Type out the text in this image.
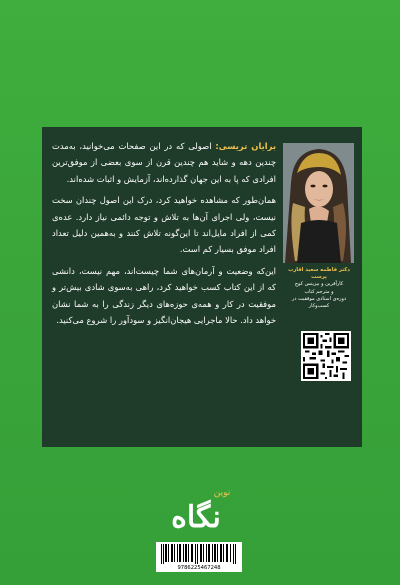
برایان تریسی: اصولی که در این صفحات می‌خوانید، به‌مدت چندین دهه و شاید هم چندین قرن از سوی بعضی از موفق‌ترین افرادی که پا به این جهان گذارده‌اند، آزمایش و اثبات شده‌اند.

همان‌طور که مشاهده خواهید کرد، درک این اصول چندان سخت نیست، ولی اجرای آن‌ها به تلاش و توجه دائمی نیاز دارد. عده‌ی کمی از افراد مایل‌اند تا این‌گونه تلاش کنند و به‌همین دلیل تعداد افراد موفق بسیار کم است.

این‌که وضعیت و آرمان‌های شما چیست‌اند، مهم نیست، دانشی که از این کتاب کسب خواهید کرد، راهی به‌سوی شادی بیش‌تر و موفقیت در کار و همه‌ی حوزه‌های دیگر زندگی را به شما نشان خواهد داد. حالا ماجرایی هیجان‌انگیز و سودآور را شروع می‌کنید.

دکتر فاطمه سعید اقارب پرست
کارآفرین و بیزینس کوچ
و مترجم کتاب
دوره‌ی استادی موفقیت در
کسب‌وکار
نگاه
نوین
9786225467248
